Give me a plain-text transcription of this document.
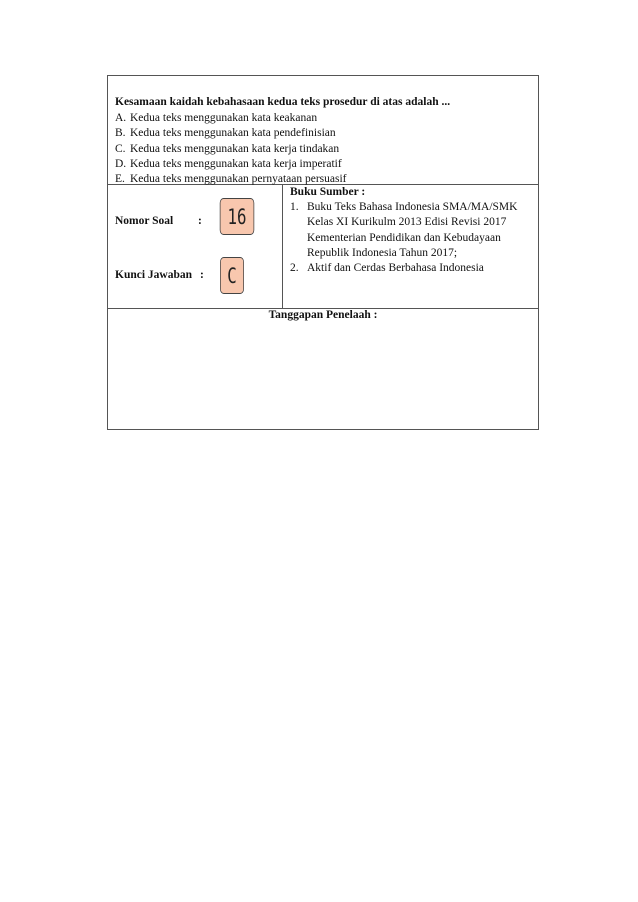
Kesamaan kaidah kebahasaan kedua teks prosedur di atas adalah ...
A. Kedua teks menggunakan kata keakanan
B. Kedua teks menggunakan kata pendefinisian
C. Kedua teks menggunakan kata kerja tindakan
D. Kedua teks menggunakan kata kerja imperatif
E. Kedua teks menggunakan pernyataan persuasif
Nomor Soal :	16
Kunci Jawaban :	C
Buku Sumber :
1. Buku Teks Bahasa Indonesia SMA/MA/SMK
Kelas XI Kurikulm 2013 Edisi Revisi 2017
Kementerian Pendidikan dan Kebudayaan
Republik Indonesia Tahun 2017;
2. Aktif dan Cerdas Berbahasa Indonesia
Tanggapan Penelaah :
